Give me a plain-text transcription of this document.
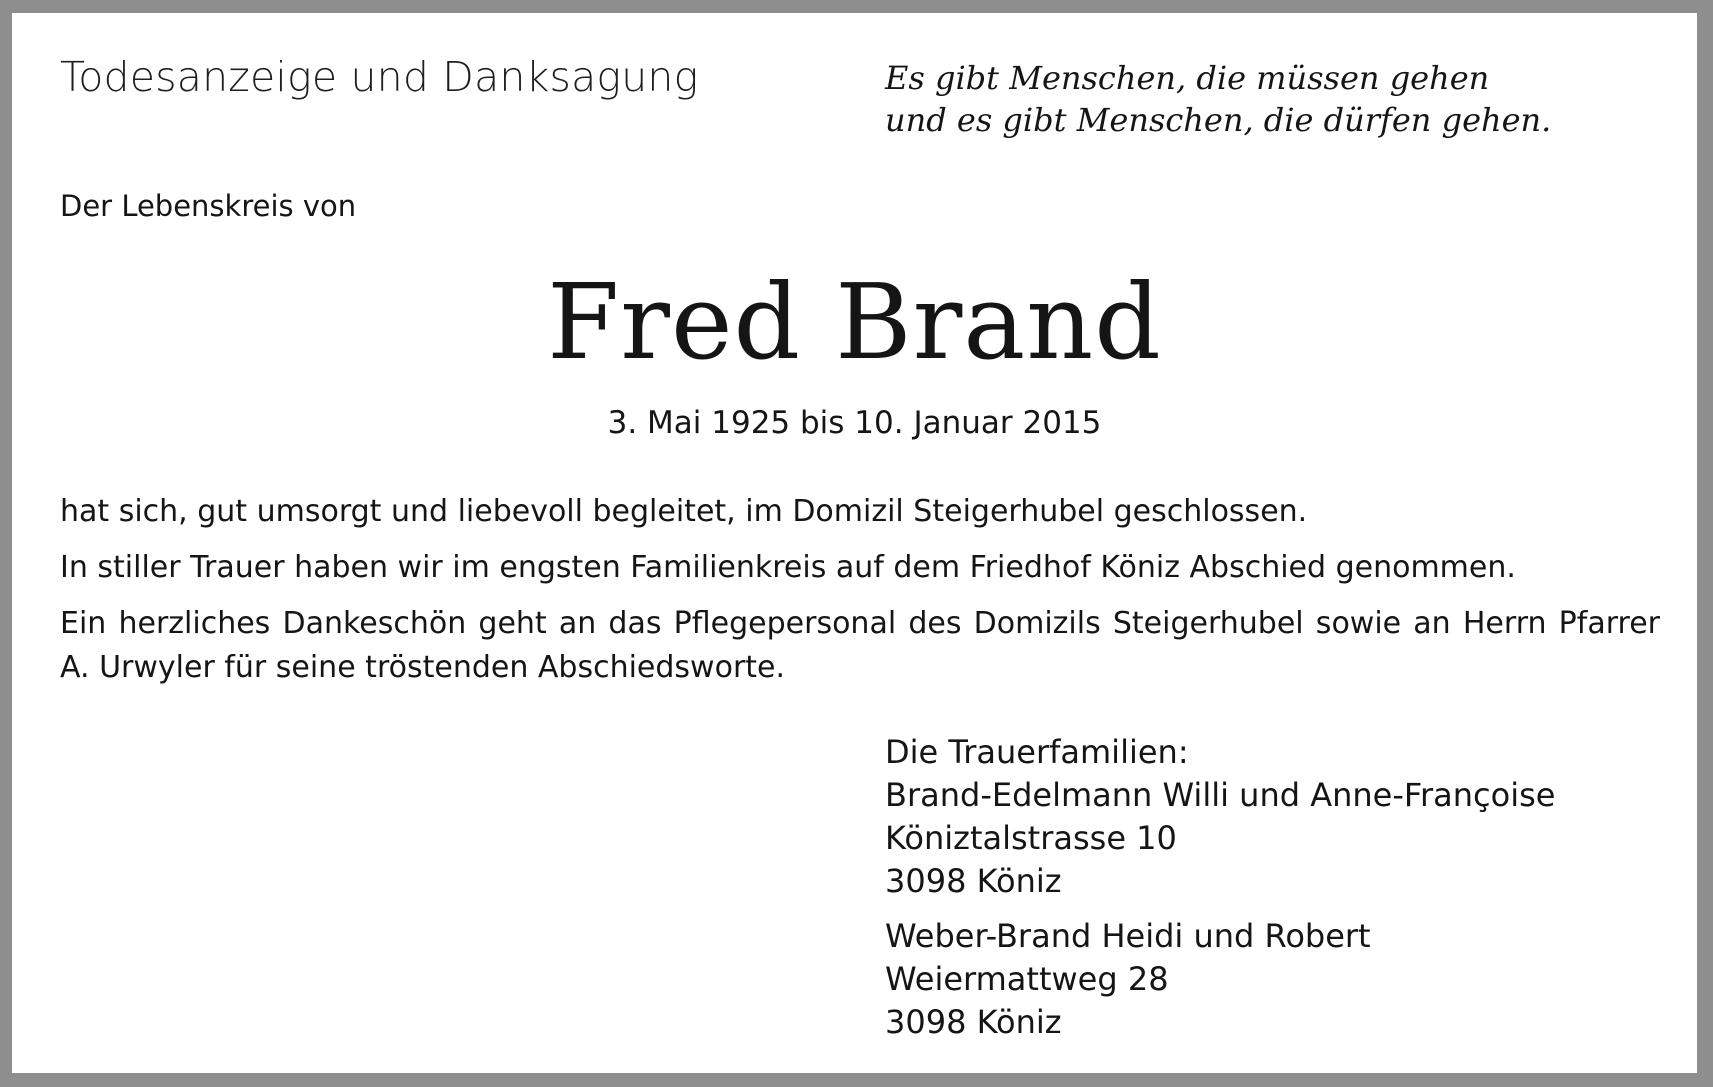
Todesanzeige und Danksagung	Es gibt Menschen, die müssen gehen
und es gibt Menschen, die dürfen gehen.
Der Lebenskreis von
Fred Brand
3. Mai 1925 bis 10. Januar 2015

hat sich, gut umsorgt und liebevoll begleitet, im Domizil Steigerhubel geschlossen.

In stiller Trauer haben wir im engsten Familienkreis auf dem Friedhof Köniz Abschied genommen.

Ein herzliches Dankeschön geht an das Pflegepersonal des Domizils Steigerhubel sowie an Herrn Pfarrer A. Urwyler für seine tröstenden Abschiedsworte.

Die Trauerfamilien:
Brand-Edelmann Willi und Anne-Françoise
Köniztalstrasse 10
3098 Köniz
Weber-Brand Heidi und Robert
Weiermattweg 28
3098 Köniz
